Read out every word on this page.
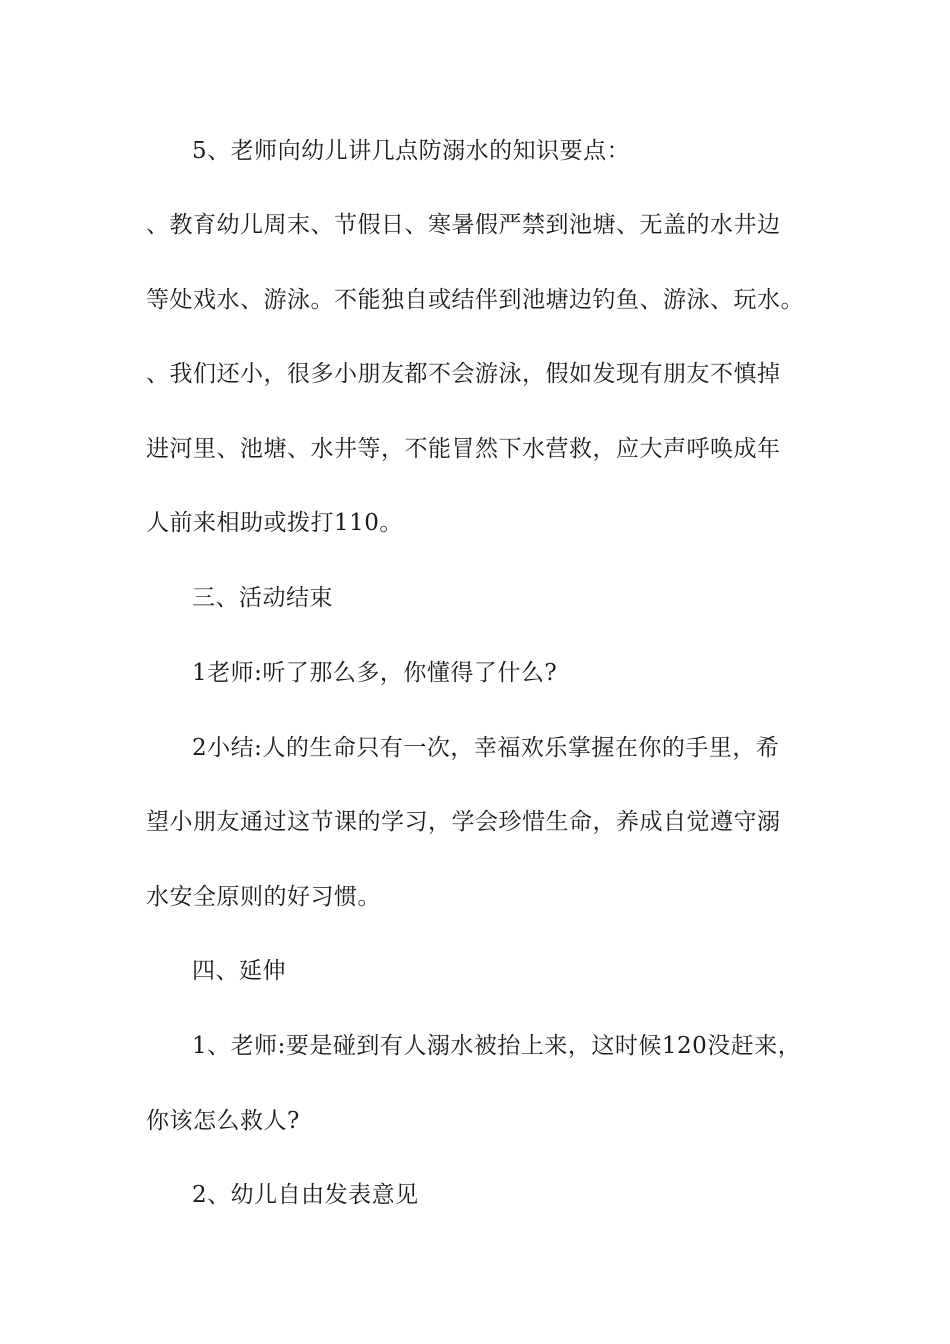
5、老师向幼儿讲几点防溺水的知识要点：
、教育幼儿周末、节假日、寒暑假严禁到池塘、无盖的水井边
等处戏水、游泳。不能独自或结伴到池塘边钓鱼、游泳、玩水。
、我们还小，很多小朋友都不会游泳，假如发现有朋友不慎掉
进河里、池塘、水井等，不能冒然下水营救，应大声呼唤成年
人前来相助或拨打110。
三、活动结束
1老师:听了那么多，你懂得了什么?
2小结:人的生命只有一次，幸福欢乐掌握在你的手里，希
望小朋友通过这节课的学习，学会珍惜生命，养成自觉遵守溺
水安全原则的好习惯。
四、延伸
1、老师:要是碰到有人溺水被抬上来，这时候120没赶来，
你该怎么救人?
2、幼儿自由发表意见
